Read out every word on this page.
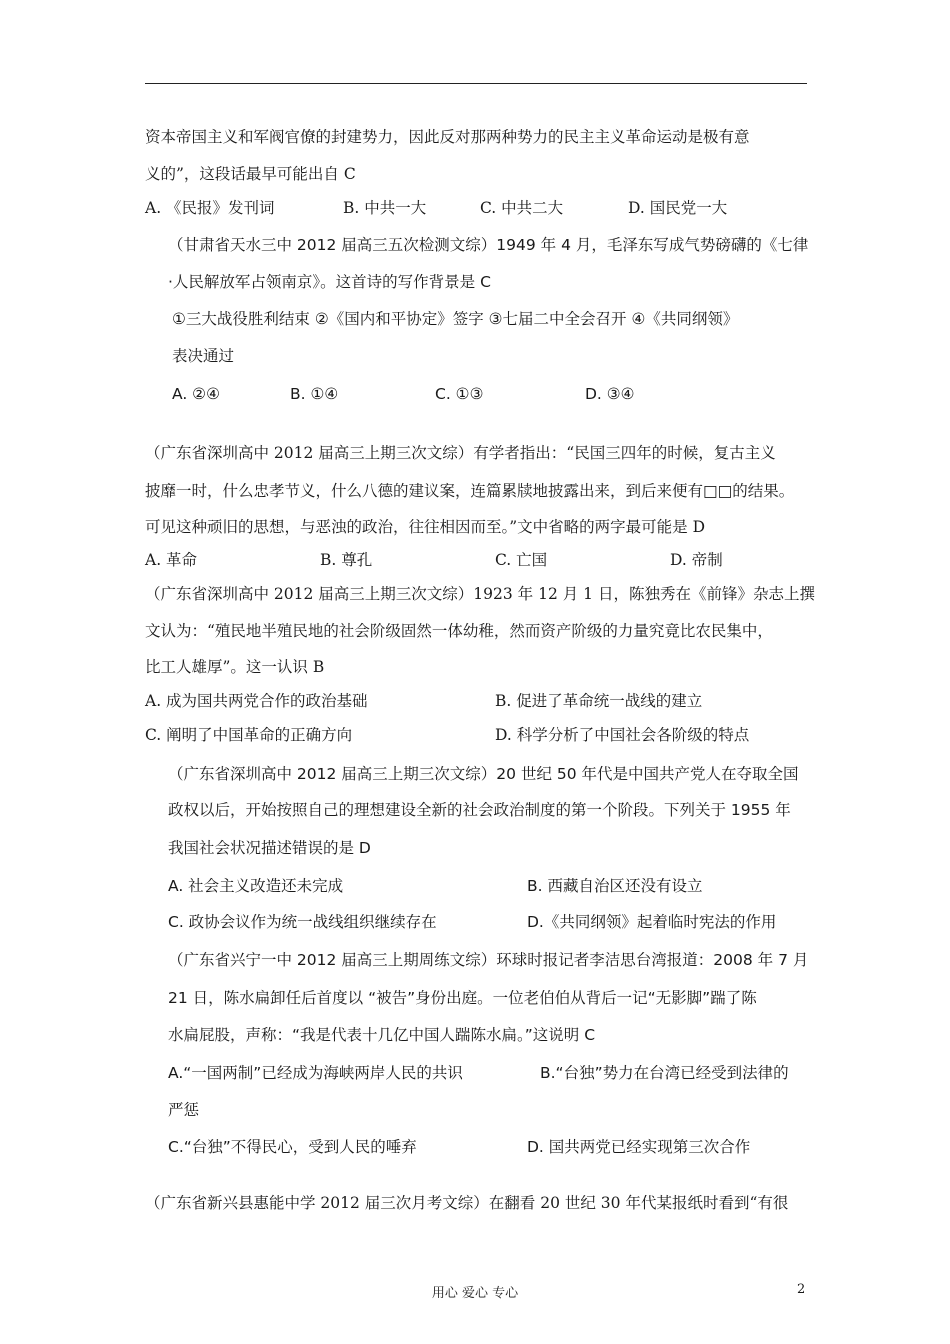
资本帝国主义和军阀官僚的封建势力，因此反对那两种势力的民主主义革命运动是极有意
义的”，这段话最早可能出自 C
A. 《民报》发刊词	B. 中共一大	C. 中共二大	D. 国民党一大
（甘肃省天水三中 2012 届高三五次检测文综）1949 年 4 月，毛泽东写成气势磅礴的《七律
·人民解放军占领南京》。这首诗的写作背景是 C
①三大战役胜利结束 ②《国内和平协定》签字 ③七届二中全会召开 ④《共同纲领》
表决通过
A. ②④	B. ①④	C. ①③	D. ③④
（广东省深圳高中 2012 届高三上期三次文综）有学者指出：“民国三四年的时候，复古主义
披靡一时，什么忠孝节义，什么八德的建议案，连篇累牍地披露出来，到后来便有□□的结果。
可见这种顽旧的思想，与恶浊的政治，往往相因而至。”文中省略的两字最可能是 D
A. 革命	B. 尊孔	C. 亡国	D. 帝制
（广东省深圳高中 2012 届高三上期三次文综）1923 年 12 月 1 日，陈独秀在《前锋》杂志上撰
文认为：“殖民地半殖民地的社会阶级固然一体幼稚，然而资产阶级的力量究竟比农民集中，
比工人雄厚”。这一认识 B
A. 成为国共两党合作的政治基础	B. 促进了革命统一战线的建立
C. 阐明了中国革命的正确方向	D. 科学分析了中国社会各阶级的特点
（广东省深圳高中 2012 届高三上期三次文综）20 世纪 50 年代是中国共产党人在夺取全国
政权以后，开始按照自己的理想建设全新的社会政治制度的第一个阶段。下列关于 1955 年
我国社会状况描述错误的是 D
A. 社会主义改造还未完成	B. 西藏自治区还没有设立
C. 政协会议作为统一战线组织继续存在	D.《共同纲领》起着临时宪法的作用
（广东省兴宁一中 2012 届高三上期周练文综）环球时报记者李洁思台湾报道：2008 年 7 月
21 日，陈水扁卸任后首度以 “被告”身份出庭。一位老伯伯从背后一记“无影脚”踹了陈
水扁屁股，声称：“我是代表十几亿中国人踹陈水扁。”这说明 C
A.“一国两制”已经成为海峡两岸人民的共识	B.“台独”势力在台湾已经受到法律的
严惩
C.“台独”不得民心，受到人民的唾弃	D. 国共两党已经实现第三次合作
（广东省新兴县惠能中学 2012 届三次月考文综）在翻看 20 世纪 30 年代某报纸时看到“有很
用心 爱心 专心	2
